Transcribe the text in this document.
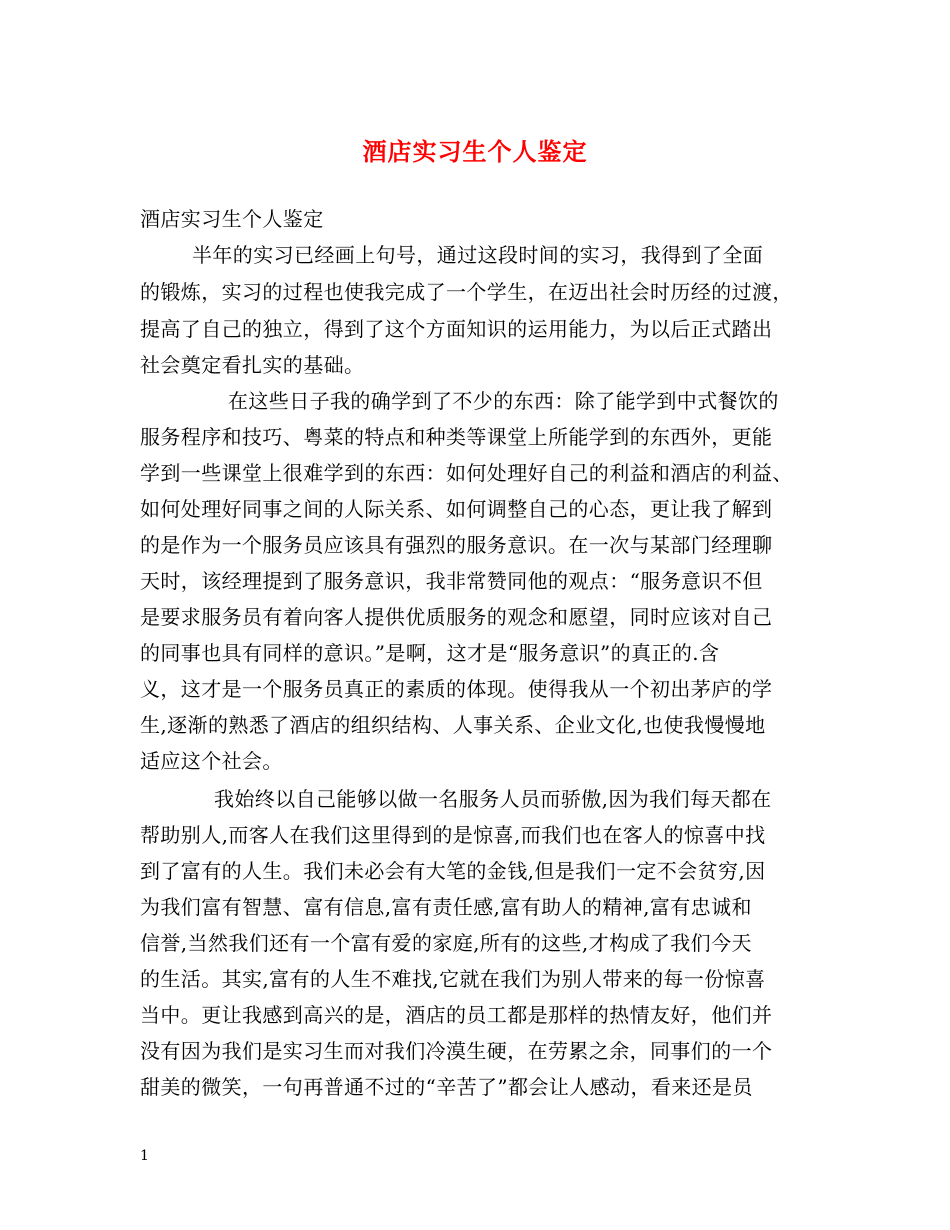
酒店实习生个人鉴定
酒店实习生个人鉴定
半年的实习已经画上句号，通过这段时间的实习，我得到了全面
的锻炼，实习的过程也使我完成了一个学生，在迈出社会时历经的过渡，
提高了自己的独立，得到了这个方面知识的运用能力，为以后正式踏出
社会奠定看扎实的基础。
在这些日子我的确学到了不少的东西：除了能学到中式餐饮的
服务程序和技巧、粤菜的特点和种类等课堂上所能学到的东西外，更能
学到一些课堂上很难学到的东西：如何处理好自己的利益和酒店的利益、
如何处理好同事之间的人际关系、如何调整自己的心态，更让我了解到
的是作为一个服务员应该具有强烈的服务意识。在一次与某部门经理聊
天时，该经理提到了服务意识，我非常赞同他的观点：“服务意识不但
是要求服务员有着向客人提供优质服务的观念和愿望，同时应该对自己
的同事也具有同样的意识。”是啊，这才是“服务意识”的真正的.含
义，这才是一个服务员真正的素质的体现。使得我从一个初出茅庐的学
生,逐渐的熟悉了酒店的组织结构、人事关系、企业文化,也使我慢慢地
适应这个社会。
我始终以自己能够以做一名服务人员而骄傲,因为我们每天都在
帮助别人,而客人在我们这里得到的是惊喜,而我们也在客人的惊喜中找
到了富有的人生。我们未必会有大笔的金钱,但是我们一定不会贫穷,因
为我们富有智慧、富有信息,富有责任感,富有助人的精神,富有忠诚和
信誉,当然我们还有一个富有爱的家庭,所有的这些,才构成了我们今天
的生活。其实,富有的人生不难找,它就在我们为别人带来的每一份惊喜
当中。更让我感到高兴的是，酒店的员工都是那样的热情友好，他们并
没有因为我们是实习生而对我们冷漠生硬，在劳累之余，同事们的一个
甜美的微笑，一句再普通不过的“辛苦了”都会让人感动，看来还是员
1
